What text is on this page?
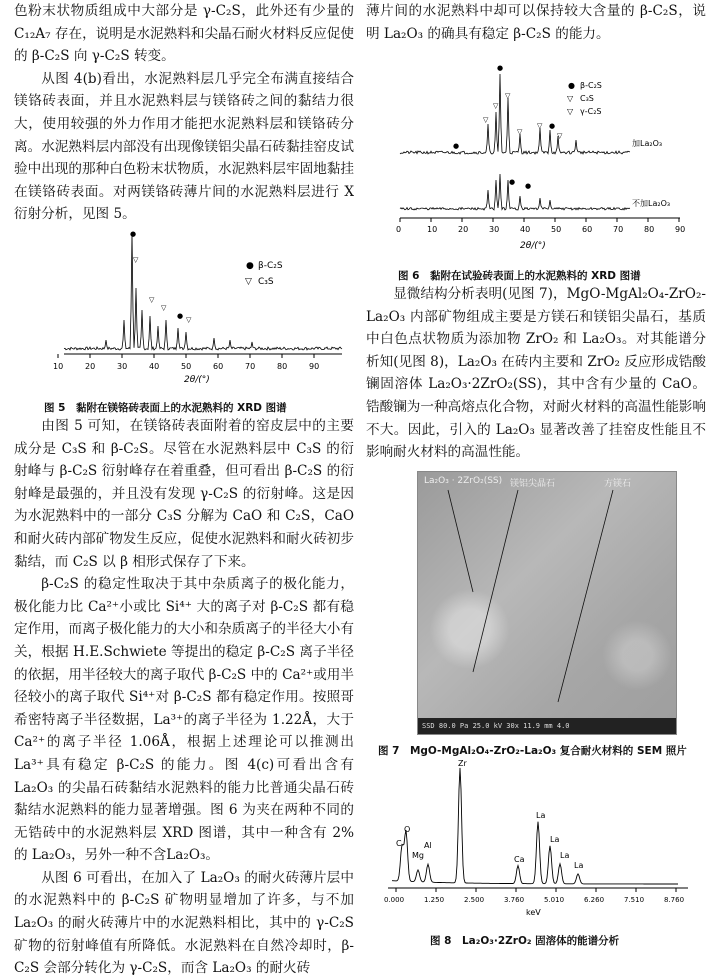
色粉末状物质组成中大部分是 γ-C₂S，此外还有少量的 C₁₂A₇ 存在，说明是水泥熟料和尖晶石耐火材料反应促使的 β-C₂S 向 γ-C₂S 转变。

从图 4(b)看出，水泥熟料层几乎完全布满直接结合镁铬砖表面，并且水泥熟料层与镁铬砖之间的黏结力很大，使用较强的外力作用才能把水泥熟料层和镁铬砖分离。水泥熟料层内部没有出现像镁铝尖晶石砖黏挂窑皮试验中出现的那种白色粉末状物质，水泥熟料层牢固地黏挂在镁铬砖表面。对两镁铬砖薄片间的水泥熟料层进行 X 衍射分析，见图 5。

10	20	30	40	50	60	70	80	90
●
▽
▽
▽
● ▽
● β-C₂S
▽ C₃S
2θ/(°)

图 5　黏附在镁铬砖表面上的水泥熟料的 XRD 图谱

由图 5 可知，在镁铬砖表面附着的窑皮层中的主要成分是 C₃S 和 β-C₂S。尽管在水泥熟料层中 C₃S 的衍射峰与 β-C₂S 衍射峰存在着重叠，但可看出 β-C₂S 的衍射峰是最强的，并且没有发现 γ-C₂S 的衍射峰。这是因为水泥熟料中的一部分 C₃S 分解为 CaO 和 C₂S，CaO 和耐火砖内部矿物发生反应，促使水泥熟料和耐火砖初步黏结，而 C₂S 以 β 相形式保存了下来。

β-C₂S 的稳定性取决于其中杂质离子的极化能力，极化能力比 Ca²⁺小或比 Si⁴⁺ 大的离子对 β-C₂S 都有稳定作用，而离子极化能力的大小和杂质离子的半径大小有关，根据 H.E.Schwiete 等提出的稳定 β-C₂S 离子半径的依据，用半径较大的离子取代 β-C₂S 中的 Ca²⁺或用半径较小的离子取代 Si⁴⁺对 β-C₂S 都有稳定作用。按照哥希密特离子半径数据，La³⁺的离子半径为 1.22Å，大于 Ca²⁺的离子半径 1.06Å，根据上述理论可以推测出 La³⁺具有稳定 β-C₂S 的能力。图 4(c)可看出含有 La₂O₃ 的尖晶石砖黏结水泥熟料的能力比普通尖晶石砖黏结水泥熟料的能力显著增强。图 6 为夹在两种不同的无锆砖中的水泥熟料层 XRD 图谱，其中一种含有 2% 的 La₂O₃，另外一种不含La₂O₃。

从图 6 可看出，在加入了 La₂O₃ 的耐火砖薄片层中的水泥熟料中的 β-C₂S 矿物明显增加了许多，与不加 La₂O₃ 的耐火砖薄片中的水泥熟料相比，其中的 γ-C₂S 矿物的衍射峰值有所降低。水泥熟料在自然冷却时，β-C₂S 会部分转化为 γ-C₂S，而含 La₂O₃ 的耐火砖

薄片间的水泥熟料中却可以保持较大含量的 β-C₂S，说明 La₂O₃ 的确具有稳定 β-C₂S 的能力。

0	10	20	30	40	50	60	70	80	90
●
▽
▽
▽
▽
▽
●
●
▽
● ●
● β-C₂S
▽ C₃S
▽ γ-C₂S
加La₂O₃
不加La₂O₃
2θ/(°)

图 6　黏附在试验砖表面上的水泥熟料的 XRD 图谱

显微结构分析表明(见图 7)，MgO-MgAl₂O₄-ZrO₂-La₂O₃ 内部矿物组成主要是方镁石和镁铝尖晶石，基质中白色点状物质为添加物 ZrO₂ 和 La₂O₃。对其能谱分析知(见图 8)，La₂O₃ 在砖内主要和 ZrO₂ 反应形成锆酸镧固溶体 La₂O₃·2ZrO₂(SS)，其中含有少量的 CaO。锆酸镧为一种高熔点化合物，对耐火材料的高温性能影响不大。因此，引入的 La₂O₃ 显著改善了挂窑皮性能且不影响耐火材料的高温性能。

La₂O₃ · 2ZrO₂(SS) 镁铝尖晶石	方镁石
SSD 80.0 Pa 25.0 kV 30x 11.9 mm 4.0

图 7　MgO-MgAl₂O₄-ZrO₂-La₂O₃ 复合耐火材料的 SEM 照片

0.000	1.250	2.500	3.760	5.010	6.260	7.510	8.760
Zr
C
O
Mg
Al
Ca
La
La
La
La
keV

图 8　La₂O₃·2ZrO₂ 固溶体的能谱分析
